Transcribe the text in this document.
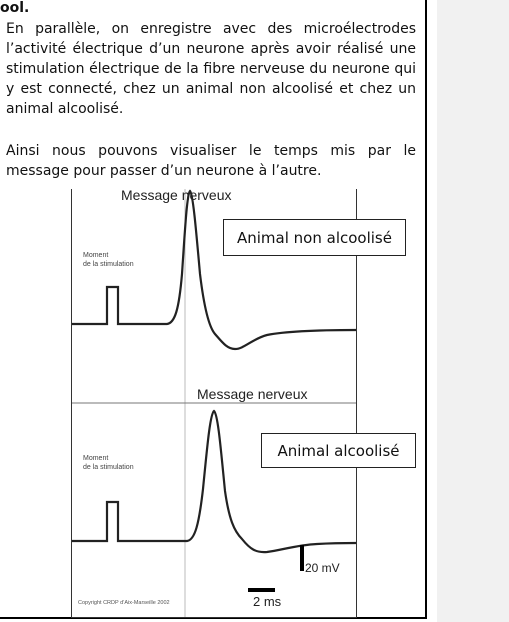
ool.

En parallèle, on enregistre avec des microélectrodes l’activité électrique d’un neurone après avoir réalisé une stimulation électrique de la fibre nerveuse du neurone qui y est connecté, chez un animal non alcoolisé et chez un animal alcoolisé.

Ainsi nous pouvons visualiser le temps mis par le message pour passer d’un neurone à l’autre.

Message nerveux
Animal non alcoolisé
Moment
de la stimulation
Message nerveux
Animal alcoolisé
Moment
de la stimulation
20 mV
2 ms
Copyright CRDP d’Aix-Marseille 2002
